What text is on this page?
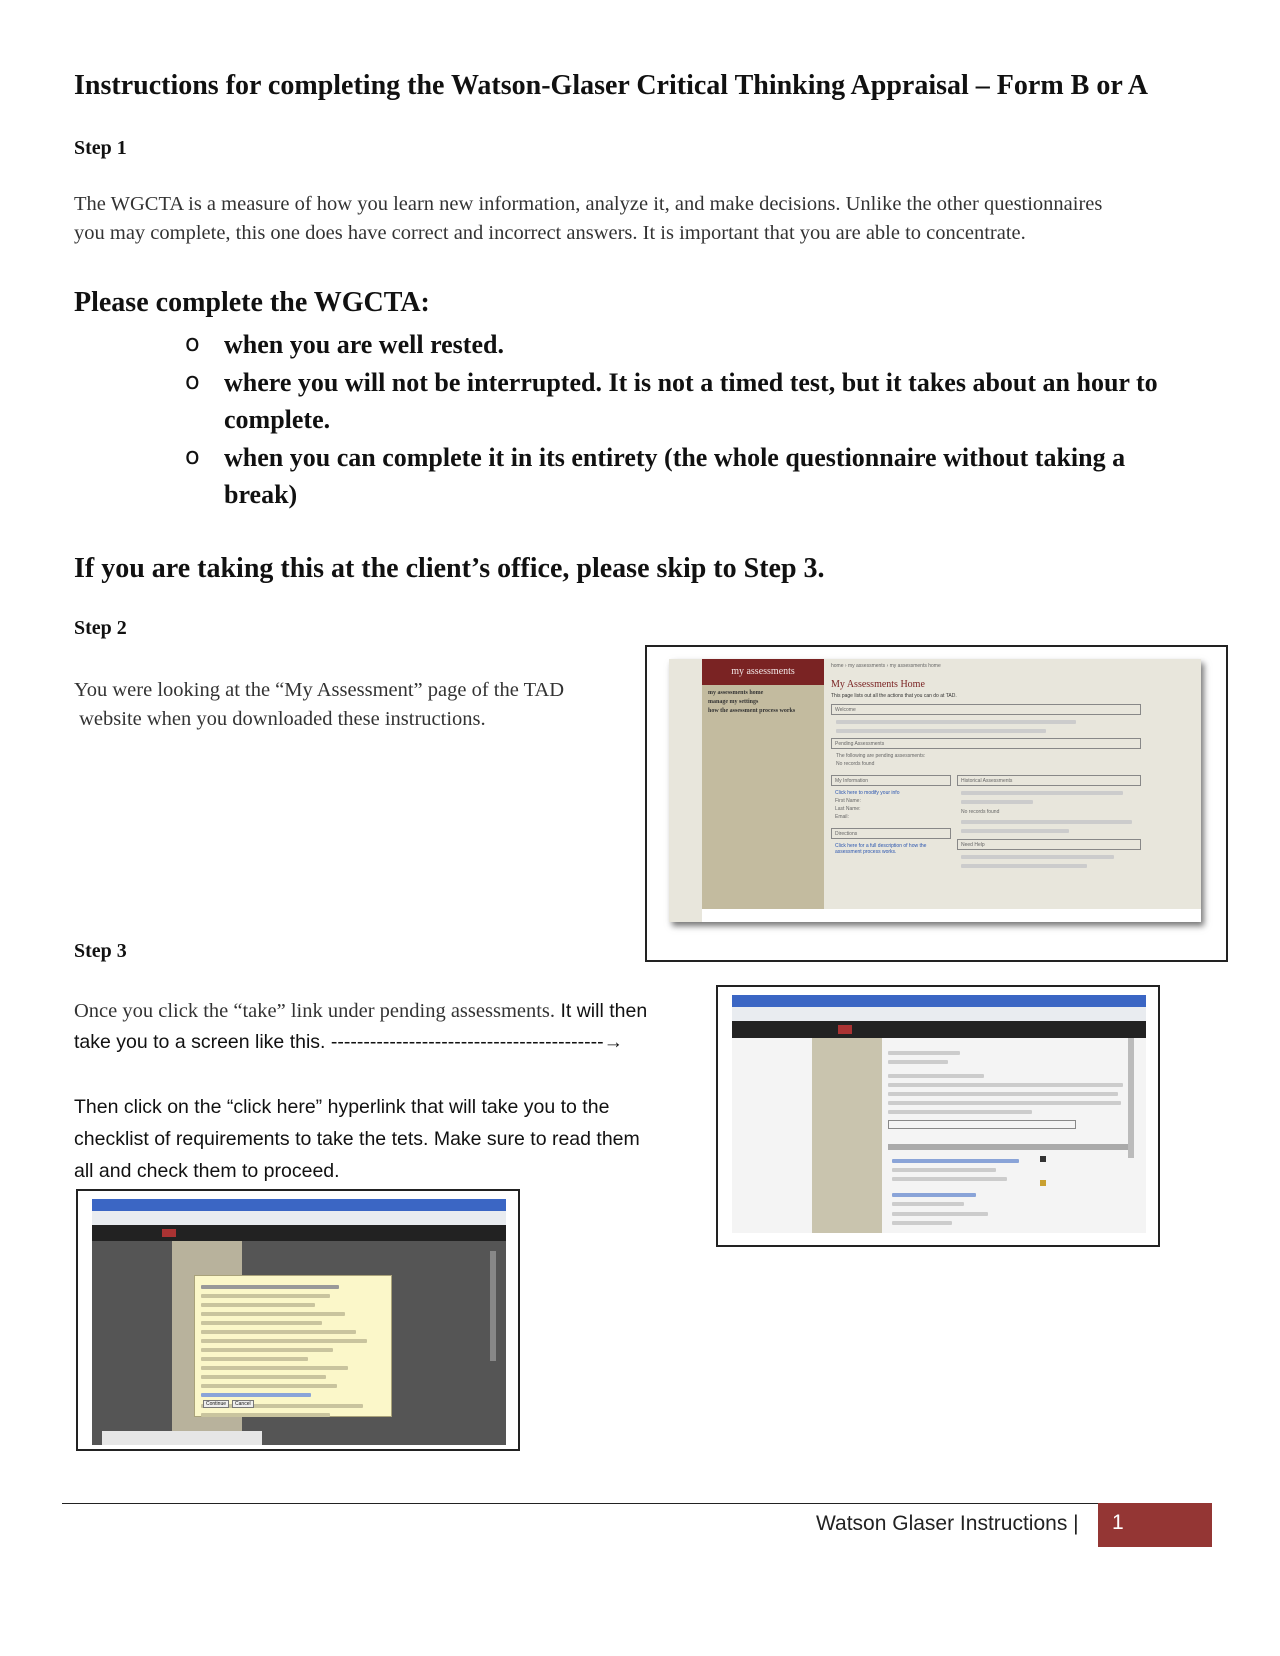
Instructions for completing the Watson-Glaser Critical Thinking Appraisal – Form B or A

Step 1

The WGCTA is a measure of how you learn new information, analyze it, and make decisions. Unlike the other questionnaires
you may complete, this one does have correct and incorrect answers. It is important that you are able to concentrate.

Please complete the WGCTA:

o when you are well rested.
o where you will not be interrupted. It is not a timed test, but it takes about an hour to complete.
o when you can complete it in its entirety (the whole questionnaire without taking a break)

If you are taking this at the client’s office, please skip to Step 3.

Step 2

You were looking at the “My Assessment” page of the TAD
website when you downloaded these instructions.
my assessments
my assessments home
manage my settings
how the assessment process works
home › my assessments › my assessments home
My Assessments Home
This page lists out all the actions that you can do at TAD.
Welcome
Pending Assessments
The following are pending assessments:
No records found
My Information
Click here to modify your info
First Name:
Last Name:
Email:
Directions
Click here for a full description of how the assessment process works.
Historical Assessments
No records found
Need Help

Step 3

Once you click the “take” link under pending assessments. It will then
take you to a screen like this. ------------------------------------------→
Then click on the “click here” hyperlink that will take you to the
checklist of requirements to take the tets. Make sure to read them
all and check them to proceed.
Continue	Cancel
Watson Glaser Instructions |	1
